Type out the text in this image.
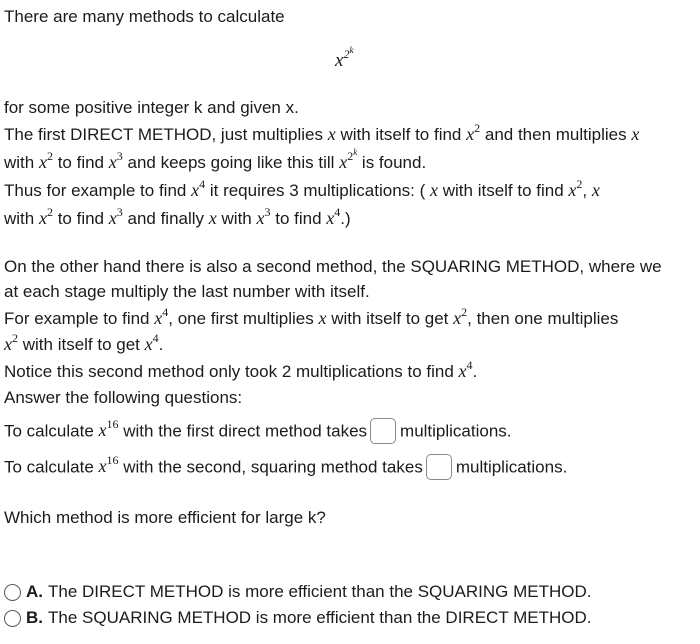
There are many methods to calculate
$x^{2^k}$
for some positive integer k and given x.
The first DIRECT METHOD, just multiplies x with itself to find $x^2$ and then multiplies x
with $x^2$ to find $x^3$ and keeps going like this till $x^{2^k}$ is found.
Thus for example to find $x^4$ it requires 3 multiplications: ( x with itself to find $x^2$, x
with $x^2$ to find $x^3$ and finally x with $x^3$ to find $x^4$.)
On the other hand there is also a second method, the SQUARING METHOD, where we
at each stage multiply the last number with itself.
For example to find $x^4$, one first multiplies x with itself to get $x^2$, then one multiplies
$x^2$ with itself to get $x^4$.
Notice this second method only took 2 multiplications to find $x^4$.
Answer the following questions:
To calculate $x^{16}$ with the first direct method takes multiplications.
To calculate $x^{16}$ with the second, squaring method takes multiplications.
Which method is more efficient for large k?
A. The DIRECT METHOD is more efficient than the SQUARING METHOD.
B. The SQUARING METHOD is more efficient than the DIRECT METHOD.
